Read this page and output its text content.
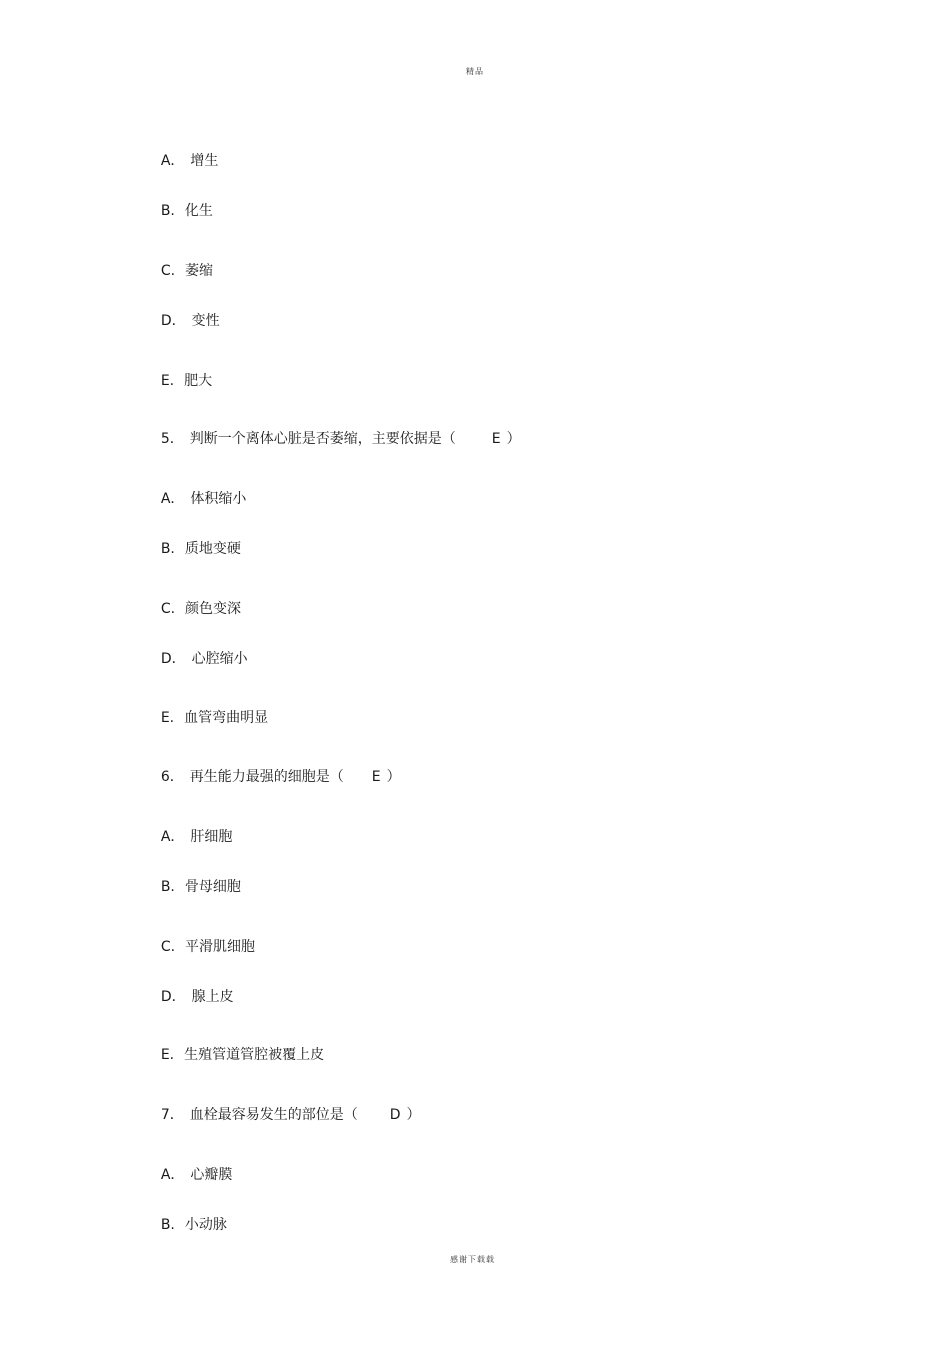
精品

A． 增生

B. 化生

C. 萎缩

D． 变性

E. 肥大

5． 判断一个离体心脏是否萎缩，主要依据是（	E ）

A． 体积缩小

B. 质地变硬

C. 颜色变深

D． 心腔缩小

E. 血管弯曲明显

6． 再生能力最强的细胞是（ E ）

A． 肝细胞

B. 骨母细胞

C. 平滑肌细胞

D． 腺上皮

E. 生殖管道管腔被覆上皮

7． 血栓最容易发生的部位是（ D ）

A． 心瓣膜

B. 小动脉

感谢下载载
